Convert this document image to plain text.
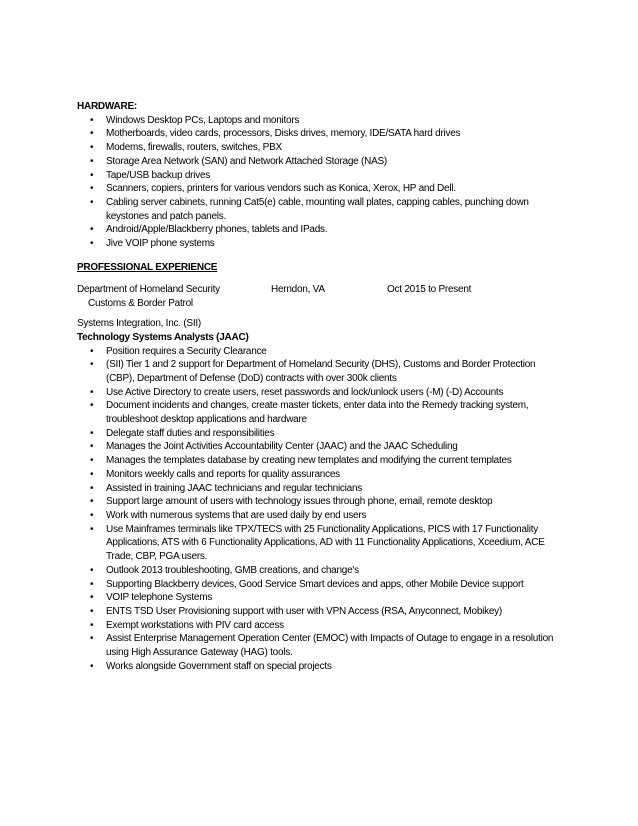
HARDWARE:
•	Windows Desktop PCs, Laptops and monitors
•	Motherboards, video cards, processors, Disks drives, memory, IDE/SATA hard drives
•	Modems, firewalls, routers, switches, PBX
•	Storage Area Network (SAN) and Network Attached Storage (NAS)
•	Tape/USB backup drives
•	Scanners, copiers, printers for various vendors such as Konica, Xerox, HP and Dell.
•	Cabling server cabinets, running Cat5(e) cable, mounting wall plates, capping cables, punching down keystones and patch panels.
•	Android/Apple/Blackberry phones, tablets and IPads.
•	Jive VOIP phone systems
PROFESSIONAL EXPERIENCE
Department of Homeland Security	Herndon, VA	Oct 2015 to Present
Customs & Border Patrol
Systems Integration, Inc. (SII)
Technology Systems Analysts (JAAC)
•	Position requires a Security Clearance
•	(SII) Tier 1 and 2 support for Department of Homeland Security (DHS), Customs and Border Protection (CBP), Department of Defense (DoD) contracts with over 300k clients
•	Use Active Directory to create users, reset passwords and lock/unlock users (-M) (-D) Accounts
•	Document incidents and changes, create master tickets, enter data into the Remedy tracking system, troubleshoot desktop applications and hardware
•	Delegate staff duties and responsibilities
•	Manages the Joint Activities Accountability Center (JAAC) and the JAAC Scheduling
•	Manages the templates database by creating new templates and modifying the current templates
•	Monitors weekly calls and reports for quality assurances
•	Assisted in training JAAC technicians and regular technicians
•	Support large amount of users with technology issues through phone, email, remote desktop
•	Work with numerous systems that are used daily by end users
•	Use Mainframes terminals like TPX/TECS with 25 Functionality Applications, PICS with 17 Functionality Applications, ATS with 6 Functionality Applications, AD with 11 Functionality Applications, Xceedium, ACE Trade, CBP, PGA users.
•	Outlook 2013 troubleshooting, GMB creations, and change's
•	Supporting Blackberry devices, Good Service Smart devices and apps, other Mobile Device support
•	VOIP telephone Systems
•	ENTS TSD User Provisioning support with user with VPN Access (RSA, Anyconnect, Mobikey)
•	Exempt workstations with PIV card access
•	Assist Enterprise Management Operation Center (EMOC) with Impacts of Outage to engage in a resolution using High Assurance Gateway (HAG) tools.
•	Works alongside Government staff on special projects
